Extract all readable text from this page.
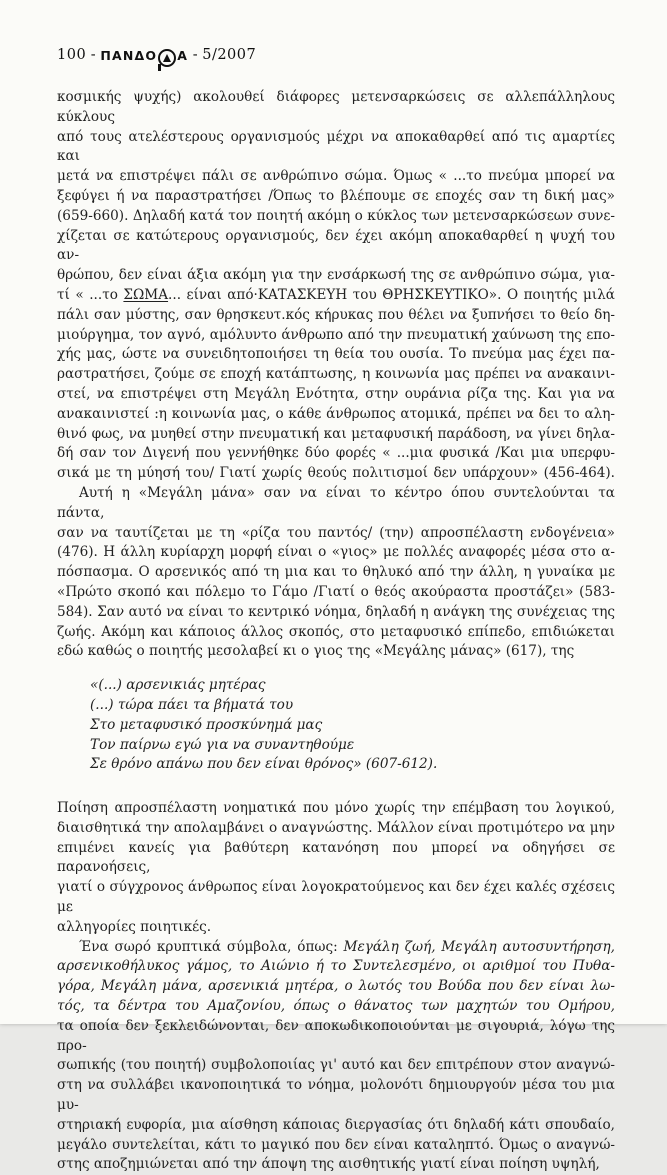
100 - ΠΑΝΔΟ Α - 5/2007
κοσμικής ψυχής) ακολουθεί διάφορες μετενσαρκώσεις σε αλλεπάλληλους κύκλους
από τους ατελέστερους οργανισμούς μέχρι να αποκαθαρθεί από τις αμαρτίες και
μετά να επιστρέψει πάλι σε ανθρώπινο σώμα. Όμως « ...το πνεύμα μπορεί να
ξεφύγει ή να παραστρατήσει /Όπως το βλέπουμε σε εποχές σαν τη δική μας»
(659-660). Δηλαδή κατά τον ποιητή ακόμη ο κύκλος των μετενσαρκώσεων συνε-
χίζεται σε κατώτερους οργανισμούς, δεν έχει ακόμη αποκαθαρθεί η ψυχή του αν-
θρώπου, δεν είναι άξια ακόμη για την ενσάρκωσή της σε ανθρώπινο σώμα, για-
τί « ...το ΣΩΜΑ... είναι από·ΚΑΤΑΣΚΕΥΗ του ΘΡΗΣΚΕΥΤΙΚΟ». Ο ποιητής μιλά
πάλι σαν μύστης, σαν θρησκευτ.κός κήρυκας που θέλει να ξυπνήσει το θείο δη-
μιούργημα, τον αγνό, αμόλυντο άνθρωπο από την πνευματική χαύνωση της επο-
χής μας, ώστε να συνειδητοποιήσει τη θεία του ουσία. Το πνεύμα μας έχει πα-
ραστρατήσει, ζούμε σε εποχή κατάπτωσης, η κοινωνία μας πρέπει να ανακαινι-
στεί, να επιστρέψει στη Μεγάλη Ενότητα, στην ουράνια ρίζα της. Και για να
ανακαινιστεί :η κοινωνία μας, ο κάθε άνθρωπος ατομικά, πρέπει να δει το αλη-
θινό φως, να μυηθεί στην πνευματική και μεταφυσική παράδοση, να γίνει δηλα-
δή σαν τον Διγενή που γεννήθηκε δύο φορές « ...μια φυσικά /Και μια υπερφυ-
σικά με τη μύησή του/ Γιατί χωρίς θεούς πολιτισμοί δεν υπάρχουν» (456-464).
Αυτή η «Μεγάλη μάνα» σαν να είναι το κέντρο όπου συντελούνται τα πάντα,
σαν να ταυτίζεται με τη «ρίζα του παντός/ (την) απροσπέλαστη ενδογένεια»
(476). Η άλλη κυρίαρχη μορφή είναι ο «γιος» με πολλές αναφορές μέσα στο α-
πόσπασμα. Ο αρσενικός από τη μια και το θηλυκό από την άλλη, η γυναίκα με
«Πρώτο σκοπό και πόλεμο το Γάμο /Γιατί ο θεός ακούραστα προστάζει» (583-
584). Σαν αυτό να είναι το κεντρικό νόημα, δηλαδή η ανάγκη της συνέχειας της
ζωής. Ακόμη και κάποιος άλλος σκοπός, στο μεταφυσικό επίπεδο, επιδιώκεται
εδώ καθώς ο ποιητής μεσολαβεί κι ο γιος της «Μεγάλης μάνας» (617), της
«(...) αρσενικιάς μητέρας
(...) τώρα πάει τα βήματά του
Στο μεταφυσικό προσκύνημά μας
Τον παίρνω εγώ για να συναντηθούμε
Σε θρόνο απάνω που δεν είναι θρόνος» (607-612).
Ποίηση απροσπέλαστη νοηματικά που μόνο χωρίς την επέμβαση του λογικού,
διαισθητικά την απολαμβάνει ο αναγνώστης. Μάλλον είναι προτιμότερο να μην
επιμένει κανείς για βαθύτερη κατανόηση που μπορεί να οδηγήσει σε παρανοήσεις,
γιατί ο σύγχρονος άνθρωπος είναι λογοκρατούμενος και δεν έχει καλές σχέσεις με
αλληγορίες ποιητικές.
Ένα σωρό κρυπτικά σύμβολα, όπως: Μεγάλη ζωή, Μεγάλη αυτοσυντήρηση,
αρσενικοθήλυκος γάμος, το Αιώνιο ή το Συντελεσμένο, οι αριθμοί του Πυθα-
γόρα, Μεγάλη μάνα, αρσενικιά μητέρα, ο λωτός του Βούδα που δεν είναι λω-
τός, τα δέντρα του Αμαζονίου, όπως ο θάνατος των μαχητών του Ομήρου,
τα οποία δεν ξεκλειδώνονται, δεν αποκωδικοποιούνται με σιγουριά, λόγω της προ-
σωπικής (του ποιητή) συμβολοποιίας γι' αυτό και δεν επιτρέπουν στον αναγνώ-
στη να συλλάβει ικανοποιητικά το νόημα, μολονότι δημιουργούν μέσα του μια μυ-
στηριακή ευφορία, μια αίσθηση κάποιας διεργασίας ότι δηλαδή κάτι σπουδαίο,
μεγάλο συντελείται, κάτι το μαγικό που δεν είναι καταληπτό. Όμως ο αναγνώ-
στης αποζημιώνεται από την άποψη της αισθητικής γιατί είναι ποίηση υψηλή,
